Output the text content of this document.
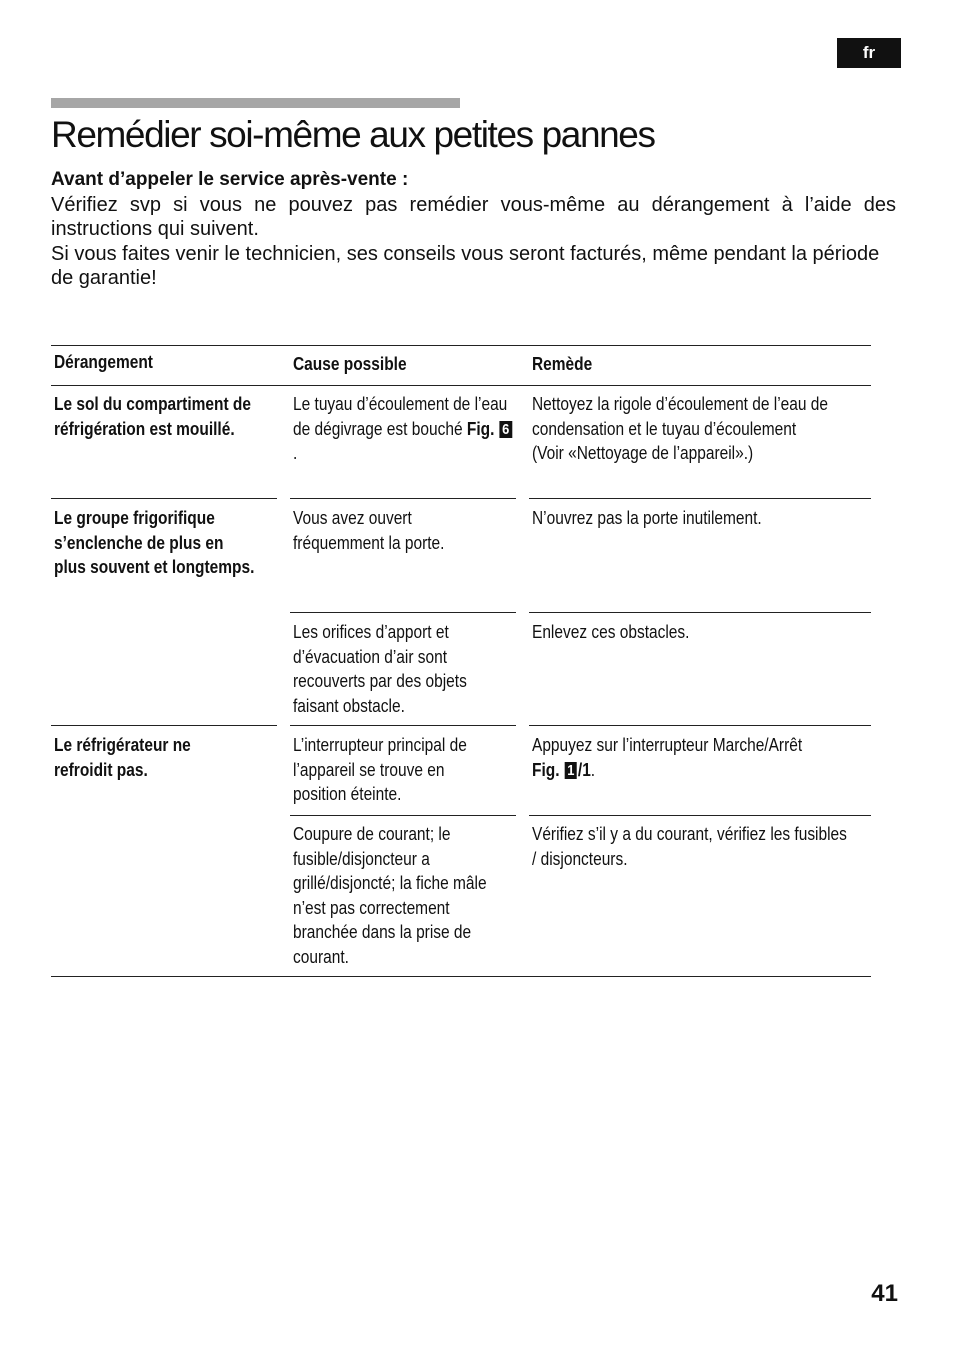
fr
Remédier soi-même aux petites pannes
Avant d’appeler le service après-vente :

Vérifiez svp si vous ne pouvez pas remédier vous-même au dérangement à l’aide des instructions qui suivent.

Si vous faites venir le technicien, ses conseils vous seront facturés, même pendant la période de garantie!

Dérangement	Cause possible	Remède
Le sol du compartiment de réfrigération est mouillé.
Le tuyau d’écoulement de l’eau de dégivrage est bouché Fig. 6.
Nettoyez la rigole d’écoulement de l’eau de condensation et le tuyau d’écoulement
(Voir «Nettoyage de l’appareil».)
Le groupe frigorifique s’enclenche de plus en plus souvent et longtemps.
Vous avez ouvert fréquemment la porte.
N’ouvrez pas la porte inutilement.
Les orifices d’apport et d’évacuation d’air sont recouverts par des objets faisant obstacle.
Enlevez ces obstacles.
Le réfrigérateur ne refroidit pas.
L’interrupteur principal de l’appareil se trouve en position éteinte.
Appuyez sur l’interrupteur Marche/Arrêt
Fig. 1 /1.
Coupure de courant; le fusible/disjoncteur a grillé/disjoncté; la fiche mâle n’est pas correctement branchée dans la prise de courant.
Vérifiez s’il y a du courant, vérifiez les fusibles / disjoncteurs.
41
